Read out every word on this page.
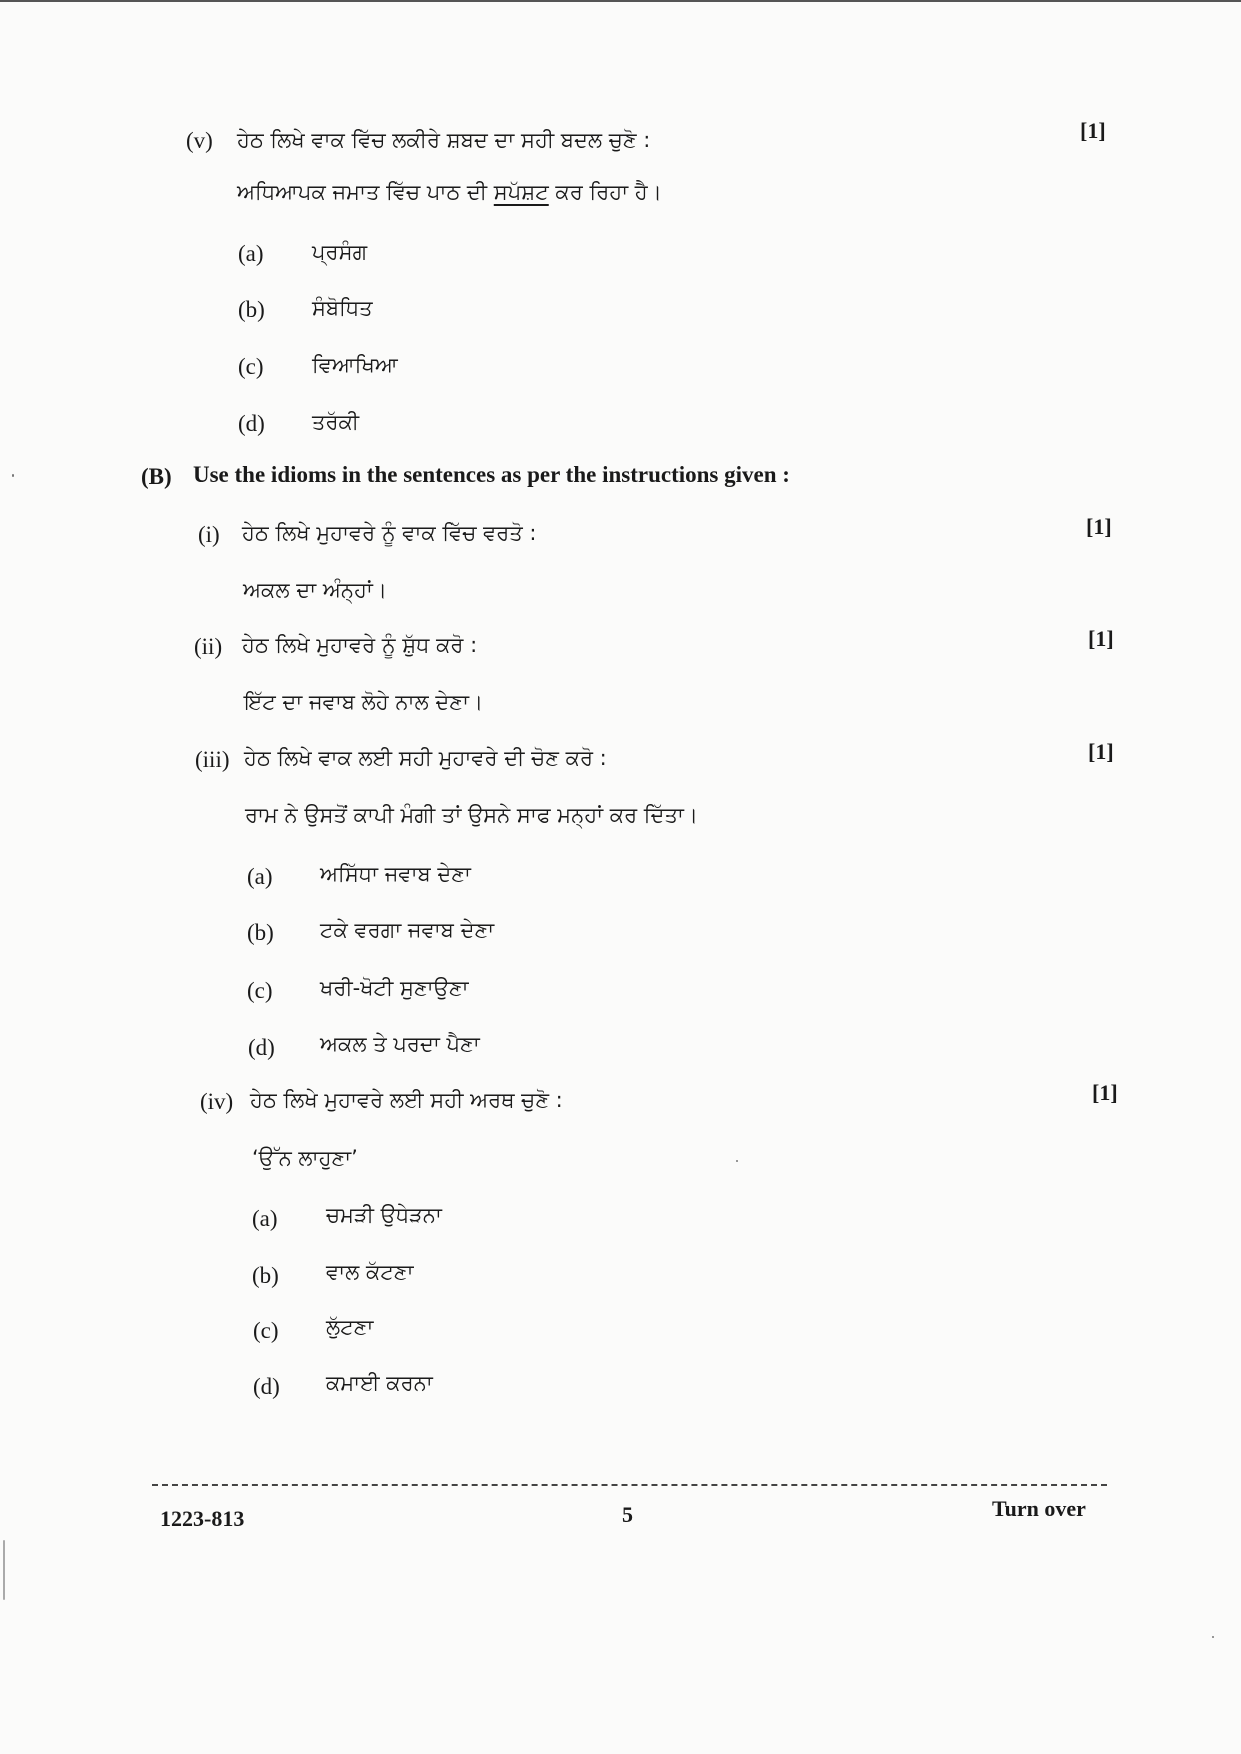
(v) ਹੇਠ ਲਿਖੇ ਵਾਕ ਵਿੱਚ ਲਕੀਰੇ ਸ਼ਬਦ ਦਾ ਸਹੀ ਬਦਲ ਚੁਣੋ :	[1]
ਅਧਿਆਪਕ ਜਮਾਤ ਵਿੱਚ ਪਾਠ ਦੀ ਸਪੱਸ਼ਟ ਕਰ ਰਿਹਾ ਹੈ।
(a) ਪ੍ਰਸੰਗ
(b) ਸੰਬੋਧਿਤ
(c) ਵਿਆਖਿਆ
(d) ਤਰੱਕੀ
(B) Use the idioms in the sentences as per the instructions given :
(i) ਹੇਠ ਲਿਖੇ ਮੁਹਾਵਰੇ ਨੂੰ ਵਾਕ ਵਿੱਚ ਵਰਤੋ :	[1]
ਅਕਲ ਦਾ ਅੰਨ੍ਹਾਂ।
(ii) ਹੇਠ ਲਿਖੇ ਮੁਹਾਵਰੇ ਨੂੰ ਸ਼ੁੱਧ ਕਰੋ :	[1]
ਇੱਟ ਦਾ ਜਵਾਬ ਲੋਹੇ ਨਾਲ ਦੇਣਾ।
(iii) ਹੇਠ ਲਿਖੇ ਵਾਕ ਲਈ ਸਹੀ ਮੁਹਾਵਰੇ ਦੀ ਚੋਣ ਕਰੋ :	[1]
ਰਾਮ ਨੇ ਉਸਤੋਂ ਕਾਪੀ ਮੰਗੀ ਤਾਂ ਉਸਨੇ ਸਾਫ ਮਨ੍ਹਾਂ ਕਰ ਦਿੱਤਾ।
(a) ਅਸਿੱਧਾ ਜਵਾਬ ਦੇਣਾ
(b) ਟਕੇ ਵਰਗਾ ਜਵਾਬ ਦੇਣਾ
(c) ਖਰੀ-ਖੋਟੀ ਸੁਣਾਉਣਾ
(d) ਅਕਲ ਤੇ ਪਰਦਾ ਪੈਣਾ
(iv) ਹੇਠ ਲਿਖੇ ਮੁਹਾਵਰੇ ਲਈ ਸਹੀ ਅਰਥ ਚੁਣੋ :	[1]
‘ਉੱਨ ਲਾਹੁਣਾ’
(a) ਚਮੜੀ ਉਧੇੜਨਾ
(b) ਵਾਲ ਕੱਟਣਾ
(c) ਲੁੱਟਣਾ
(d) ਕਮਾਈ ਕਰਨਾ
1223-813	5	Turn over
